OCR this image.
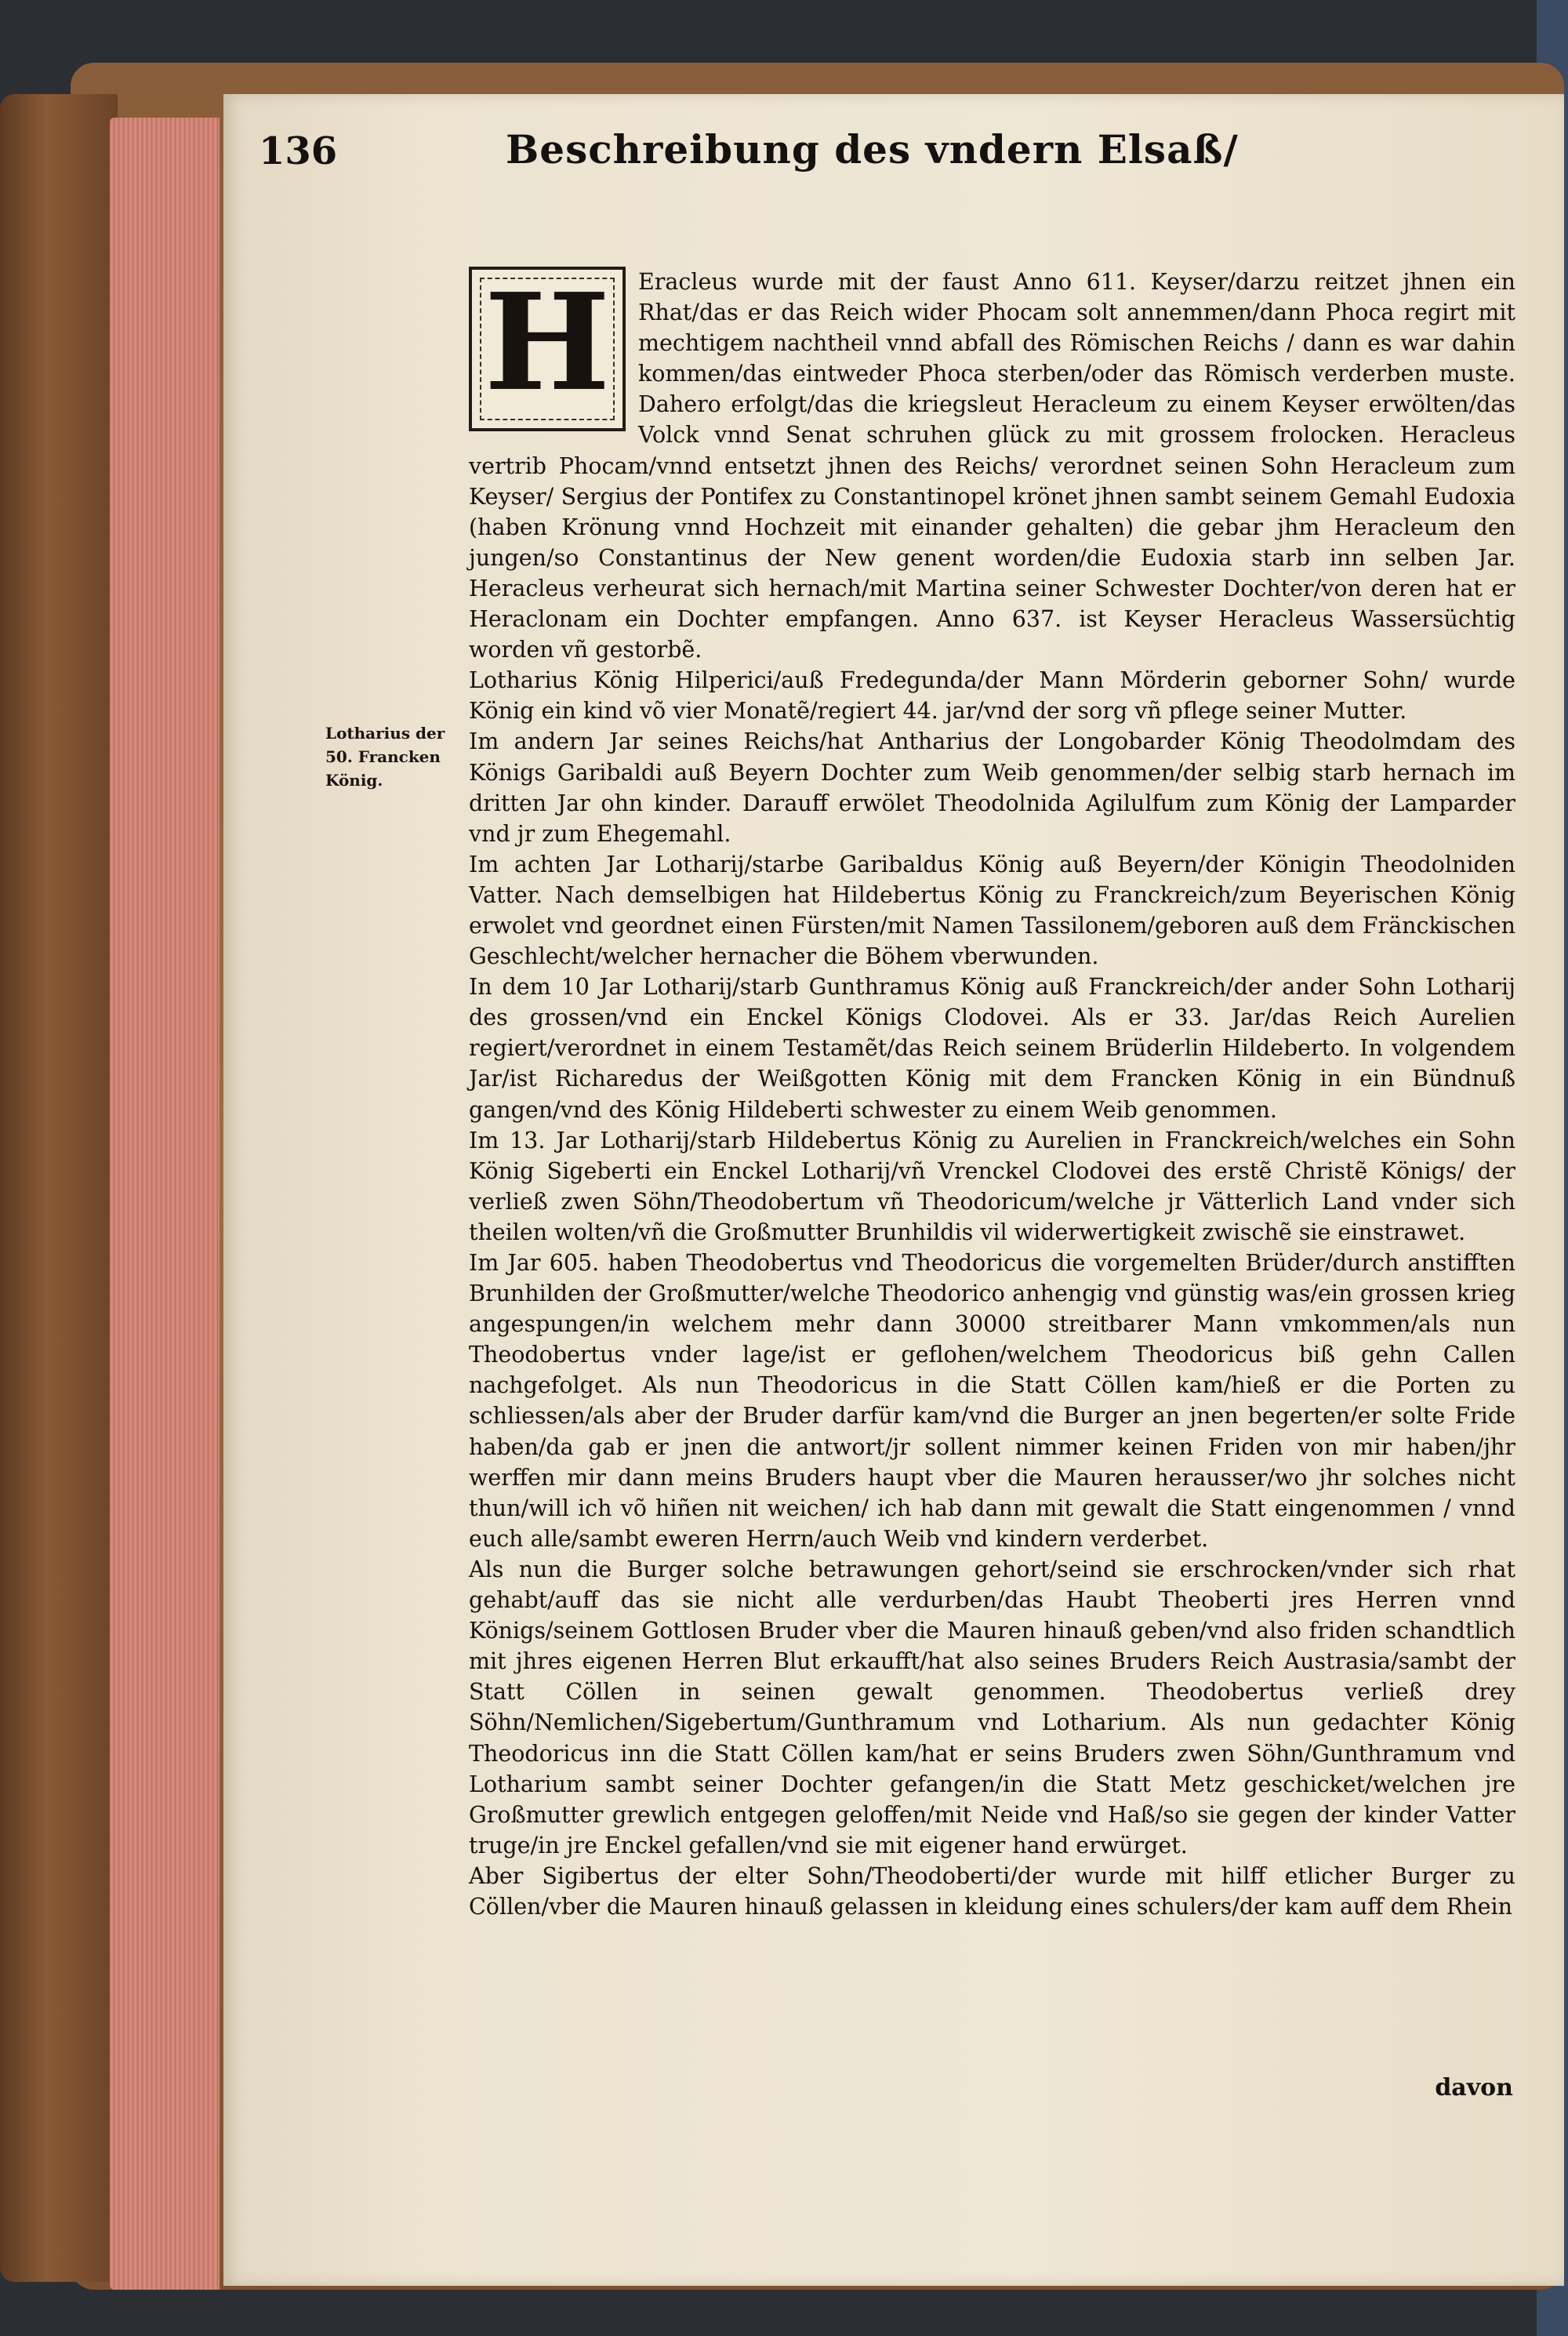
136	Beschreibung des vndern Elsaß/
Lotharius der 50. Francken König.

Eracleus wurde mit der faust Anno 611. Keyser/darzu reitzet jhnen ein Rhat/das er das Reich wider Phocam solt annemmen/dann Phoca regirt mit mechtigem nachtheil vnnd abfall des Römischen Reichs / dann es war dahin kommen/das eintweder Phoca sterben/oder das Römisch verderben muste. Dahero erfolgt/das die kriegsleut Heracleum zu einem Keyser erwölten/das Volck vnnd Senat schruhen glück zu mit grossem frolocken. Heracleus vertrib Phocam/vnnd entsetzt jhnen des Reichs/ verordnet seinen Sohn Heracleum zum Keyser/ Sergius der Pontifex zu Constantinopel krönet jhnen sambt seinem Gemahl Eudoxia (haben Krönung vnnd Hochzeit mit einander gehalten) die gebar jhm Heracleum den jungen/so Constantinus der New genent worden/die Eudoxia starb inn selben Jar. Heracleus verheurat sich hernach/mit Martina seiner Schwester Dochter/von deren hat er Heraclonam ein Dochter empfangen. Anno 637. ist Keyser Heracleus Wassersüchtig worden vñ gestorbẽ.

Lotharius König Hilperici/auß Fredegunda/der Mann Mörderin geborner Sohn/ wurde König ein kind võ vier Monatẽ/regiert 44. jar/vnd der sorg vñ pflege seiner Mutter.

Im andern Jar seines Reichs/hat Antharius der Longobarder König Theodolmdam des Königs Garibaldi auß Beyern Dochter zum Weib genommen/der selbig starb hernach im dritten Jar ohn kinder. Darauff erwölet Theodolnida Agilulfum zum König der Lamparder vnd jr zum Ehegemahl.

Im achten Jar Lotharij/starbe Garibaldus König auß Beyern/der Königin Theodolniden Vatter. Nach demselbigen hat Hildebertus König zu Franckreich/zum Beyerischen König erwolet vnd geordnet einen Fürsten/mit Namen Tassilonem/geboren auß dem Fränckischen Geschlecht/welcher hernacher die Böhem vberwunden.

In dem 10 Jar Lotharij/starb Gunthramus König auß Franckreich/der ander Sohn Lotharij des grossen/vnd ein Enckel Königs Clodovei. Als er 33. Jar/das Reich Aurelien regiert/verordnet in einem Testamẽt/das Reich seinem Brüderlin Hildeberto. In volgendem Jar/ist Richaredus der Weißgotten König mit dem Francken König in ein Bündnuß gangen/vnd des König Hildeberti schwester zu einem Weib genommen.

Im 13. Jar Lotharij/starb Hildebertus König zu Aurelien in Franckreich/welches ein Sohn König Sigeberti ein Enckel Lotharij/vñ Vrenckel Clodovei des erstẽ Christẽ Königs/ der verließ zwen Söhn/Theodobertum vñ Theodoricum/welche jr Vätterlich Land vnder sich theilen wolten/vñ die Großmutter Brunhildis vil widerwertigkeit zwischẽ sie einstrawet.

Im Jar 605. haben Theodobertus vnd Theodoricus die vorgemelten Brüder/durch anstifften Brunhilden der Großmutter/welche Theodorico anhengig vnd günstig was/ein grossen krieg angespungen/in welchem mehr dann 30000 streitbarer Mann vmkommen/als nun Theodobertus vnder lage/ist er geflohen/welchem Theodoricus biß gehn Callen nachgefolget. Als nun Theodoricus in die Statt Cöllen kam/hieß er die Porten zu schliessen/als aber der Bruder darfür kam/vnd die Burger an jnen begerten/er solte Fride haben/da gab er jnen die antwort/jr sollent nimmer keinen Friden von mir haben/jhr werffen mir dann meins Bruders haupt vber die Mauren herausser/wo jhr solches nicht thun/will ich võ hiñen nit weichen/ ich hab dann mit gewalt die Statt eingenommen / vnnd euch alle/sambt eweren Herrn/auch Weib vnd kindern verderbet.

Als nun die Burger solche betrawungen gehort/seind sie erschrocken/vnder sich rhat gehabt/auff das sie nicht alle verdurben/das Haubt Theoberti jres Herren vnnd Königs/seinem Gottlosen Bruder vber die Mauren hinauß geben/vnd also friden schandtlich mit jhres eigenen Herren Blut erkaufft/hat also seines Bruders Reich Austrasia/sambt der Statt Cöllen in seinen gewalt genommen. Theodobertus verließ drey Söhn/Nemlichen/Sigebertum/Gunthramum vnd Lotharium. Als nun gedachter König Theodoricus inn die Statt Cöllen kam/hat er seins Bruders zwen Söhn/Gunthramum vnd Lotharium sambt seiner Dochter gefangen/in die Statt Metz geschicket/welchen jre Großmutter grewlich entgegen geloffen/mit Neide vnd Haß/so sie gegen der kinder Vatter truge/in jre Enckel gefallen/vnd sie mit eigener hand erwürget.

Aber Sigibertus der elter Sohn/Theodoberti/der wurde mit hilff etlicher Burger zu Cöllen/vber die Mauren hinauß gelassen in kleidung eines schulers/der kam auff dem Rhein

H
davon
